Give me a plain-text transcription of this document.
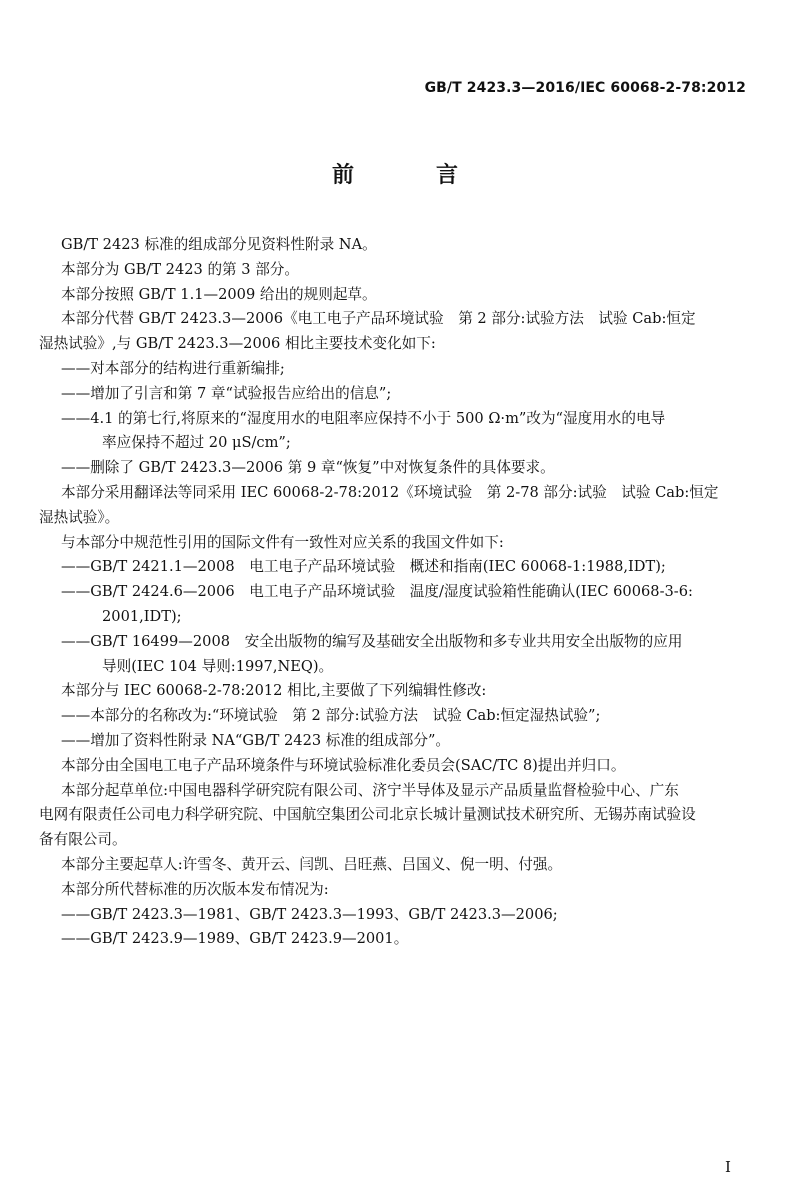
GB/T 2423.3—2016/IEC 60068-2-78:2012
前　言
GB/T 2423 标准的组成部分见资料性附录 NA。
本部分为 GB/T 2423 的第 3 部分。
本部分按照 GB/T 1.1—2009 给出的规则起草。
本部分代替 GB/T 2423.3—2006《电工电子产品环境试验　第 2 部分:试验方法　试验 Cab:恒定
湿热试验》,与 GB/T 2423.3—2006 相比主要技术变化如下:
——对本部分的结构进行重新编排;
——增加了引言和第 7 章“试验报告应给出的信息”;
——4.1 的第七行,将原来的“湿度用水的电阻率应保持不小于 500 Ω·m”改为“湿度用水的电导
率应保持不超过 20 μS/cm”;
——删除了 GB/T 2423.3—2006 第 9 章“恢复”中对恢复条件的具体要求。
本部分采用翻译法等同采用 IEC 60068-2-78:2012《环境试验　第 2-78 部分:试验　试验 Cab:恒定
湿热试验》。
与本部分中规范性引用的国际文件有一致性对应关系的我国文件如下:
——GB/T 2421.1—2008　电工电子产品环境试验　概述和指南(IEC 60068-1:1988,IDT);
——GB/T 2424.6—2006　电工电子产品环境试验　温度/湿度试验箱性能确认(IEC 60068-3-6:
2001,IDT);
——GB/T 16499—2008　安全出版物的编写及基础安全出版物和多专业共用安全出版物的应用
导则(IEC 104 导则:1997,NEQ)。
本部分与 IEC 60068-2-78:2012 相比,主要做了下列编辑性修改:
——本部分的名称改为:“环境试验　第 2 部分:试验方法　试验 Cab:恒定湿热试验”;
——增加了资料性附录 NA“GB/T 2423 标准的组成部分”。
本部分由全国电工电子产品环境条件与环境试验标准化委员会(SAC/TC 8)提出并归口。
本部分起草单位:中国电器科学研究院有限公司、济宁半导体及显示产品质量监督检验中心、广东
电网有限责任公司电力科学研究院、中国航空集团公司北京长城计量测试技术研究所、无锡苏南试验设
备有限公司。
本部分主要起草人:许雪冬、黄开云、闫凯、吕旺燕、吕国义、倪一明、付强。
本部分所代替标准的历次版本发布情况为:
——GB/T 2423.3—1981、GB/T 2423.3—1993、GB/T 2423.3—2006;
——GB/T 2423.9—1989、GB/T 2423.9—2001。
I
